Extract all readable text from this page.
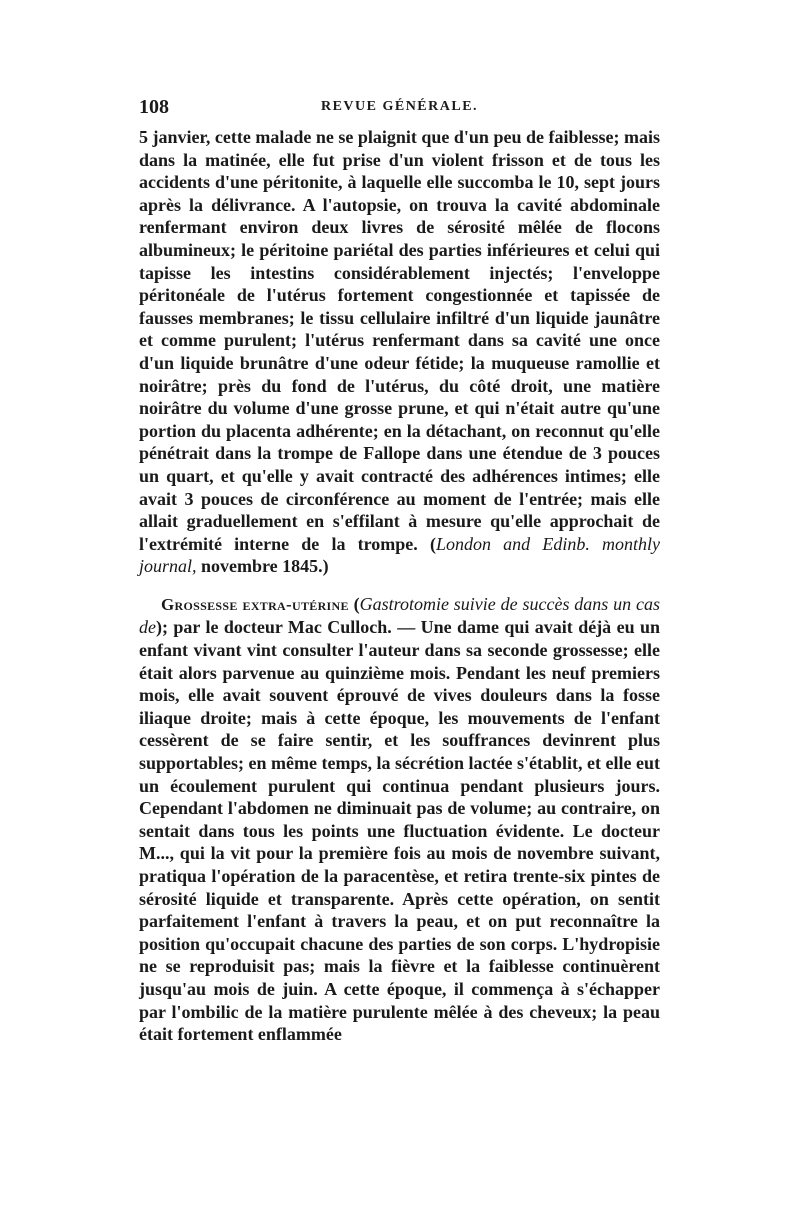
108	REVUE GÉNÉRALE.

5 janvier, cette malade ne se plaignit que d'un peu de faiblesse; mais dans la matinée, elle fut prise d'un violent frisson et de tous les accidents d'une péritonite, à laquelle elle succomba le 10, sept jours après la délivrance. A l'autopsie, on trouva la cavité abdominale renfermant environ deux livres de sérosité mêlée de flocons albumineux; le péritoine pariétal des parties inférieures et celui qui tapisse les intestins considérablement injectés; l'enveloppe péritonéale de l'utérus fortement congestionnée et tapissée de fausses membranes; le tissu cellulaire infiltré d'un liquide jaunâtre et comme purulent; l'utérus renfermant dans sa cavité une once d'un liquide brunâtre d'une odeur fétide; la muqueuse ramollie et noirâtre; près du fond de l'utérus, du côté droit, une matière noirâtre du volume d'une grosse prune, et qui n'était autre qu'une portion du placenta adhérente; en la détachant, on reconnut qu'elle pénétrait dans la trompe de Fallope dans une étendue de 3 pouces un quart, et qu'elle y avait contracté des adhérences intimes; elle avait 3 pouces de circonférence au moment de l'entrée; mais elle allait graduellement en s'effilant à mesure qu'elle approchait de l'extrémité interne de la trompe. (London and Edinb. monthly journal, novembre 1845.)

Grossesse extra-utérine (Gastrotomie suivie de succès dans un cas de); par le docteur Mac Culloch. — Une dame qui avait déjà eu un enfant vivant vint consulter l'auteur dans sa seconde grossesse; elle était alors parvenue au quinzième mois. Pendant les neuf premiers mois, elle avait souvent éprouvé de vives douleurs dans la fosse iliaque droite; mais à cette époque, les mouvements de l'enfant cessèrent de se faire sentir, et les souffrances devinrent plus supportables; en même temps, la sécrétion lactée s'établit, et elle eut un écoulement purulent qui continua pendant plusieurs jours. Cependant l'abdomen ne diminuait pas de volume; au contraire, on sentait dans tous les points une fluctuation évidente. Le docteur M..., qui la vit pour la première fois au mois de novembre suivant, pratiqua l'opération de la paracentèse, et retira trente-six pintes de sérosité liquide et transparente. Après cette opération, on sentit parfaitement l'enfant à travers la peau, et on put reconnaître la position qu'occupait chacune des parties de son corps. L'hydropisie ne se reproduisit pas; mais la fièvre et la faiblesse continuèrent jusqu'au mois de juin. A cette époque, il commença à s'échapper par l'ombilic de la matière purulente mêlée à des cheveux; la peau était fortement enflammée
